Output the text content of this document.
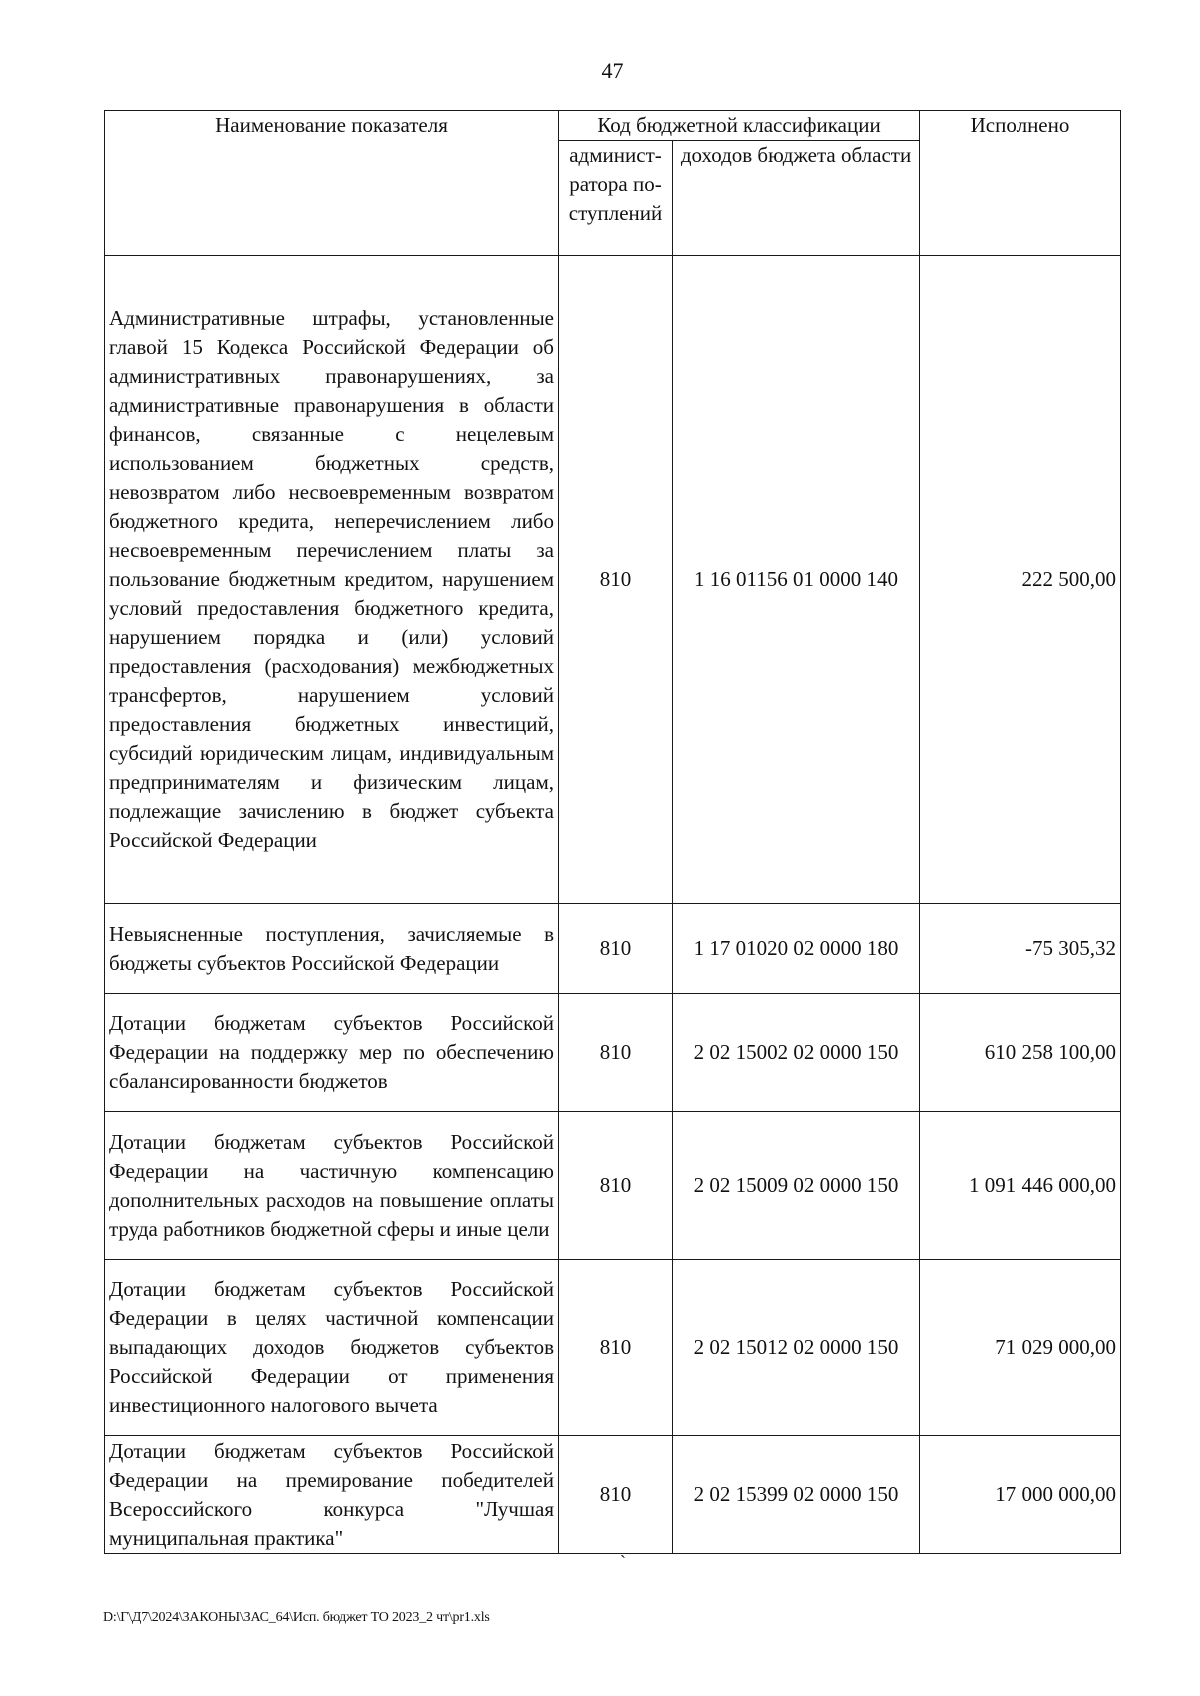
47
Наименование показателя	Код бюджетной классификации		Исполнено
	админист-ратора по-ступлений	доходов бюджета области	
Административные штрафы, установленные главой 15 Кодекса Российской Федерации об административных правонарушениях, за административные правонарушения в области финансов, связанные с нецелевым использованием бюджетных средств, невозвратом либо несвоевременным возвратом бюджетного кредита, неперечислением либо несвоевременным перечислением платы за пользование бюджетным кредитом, нарушением условий предоставления бюджетного кредита, нарушением порядка и (или) условий предоставления (расходования) межбюджетных трансфертов, нарушением условий предоставления бюджетных инвестиций, субсидий юридическим лицам, индивидуальным предпринимателям и физическим лицам, подлежащие зачислению в бюджет субъекта Российской Федерации	810	1 16 01156 01 0000 140	222 500,00
Невыясненные поступления, зачисляемые в бюджеты субъектов Российской Федерации	810	1 17 01020 02 0000 180	-75 305,32
Дотации бюджетам субъектов Российской Федерации на поддержку мер по обеспечению сбалансированности бюджетов	810	2 02 15002 02 0000 150	610 258 100,00
Дотации бюджетам субъектов Российской Федерации на частичную компенсацию дополнительных расходов на повышение оплаты труда работников бюджетной сферы и иные цели	810	2 02 15009 02 0000 150	1 091 446 000,00
Дотации бюджетам субъектов Российской Федерации в целях частичной компенсации выпадающих доходов бюджетов субъектов Российской Федерации от применения инвестиционного налогового вычета	810	2 02 15012 02 0000 150	71 029 000,00
Дотации бюджетам субъектов Российской Федерации на премирование победителей Всероссийского конкурса "Лучшая муниципальная практика"	810	2 02 15399 02 0000 150	17 000 000,00
`
D:\Г\Д7\2024\ЗАКОНЫ\ЗАС_64\Исп. бюджет ТО 2023_2 чт\pr1.xls
